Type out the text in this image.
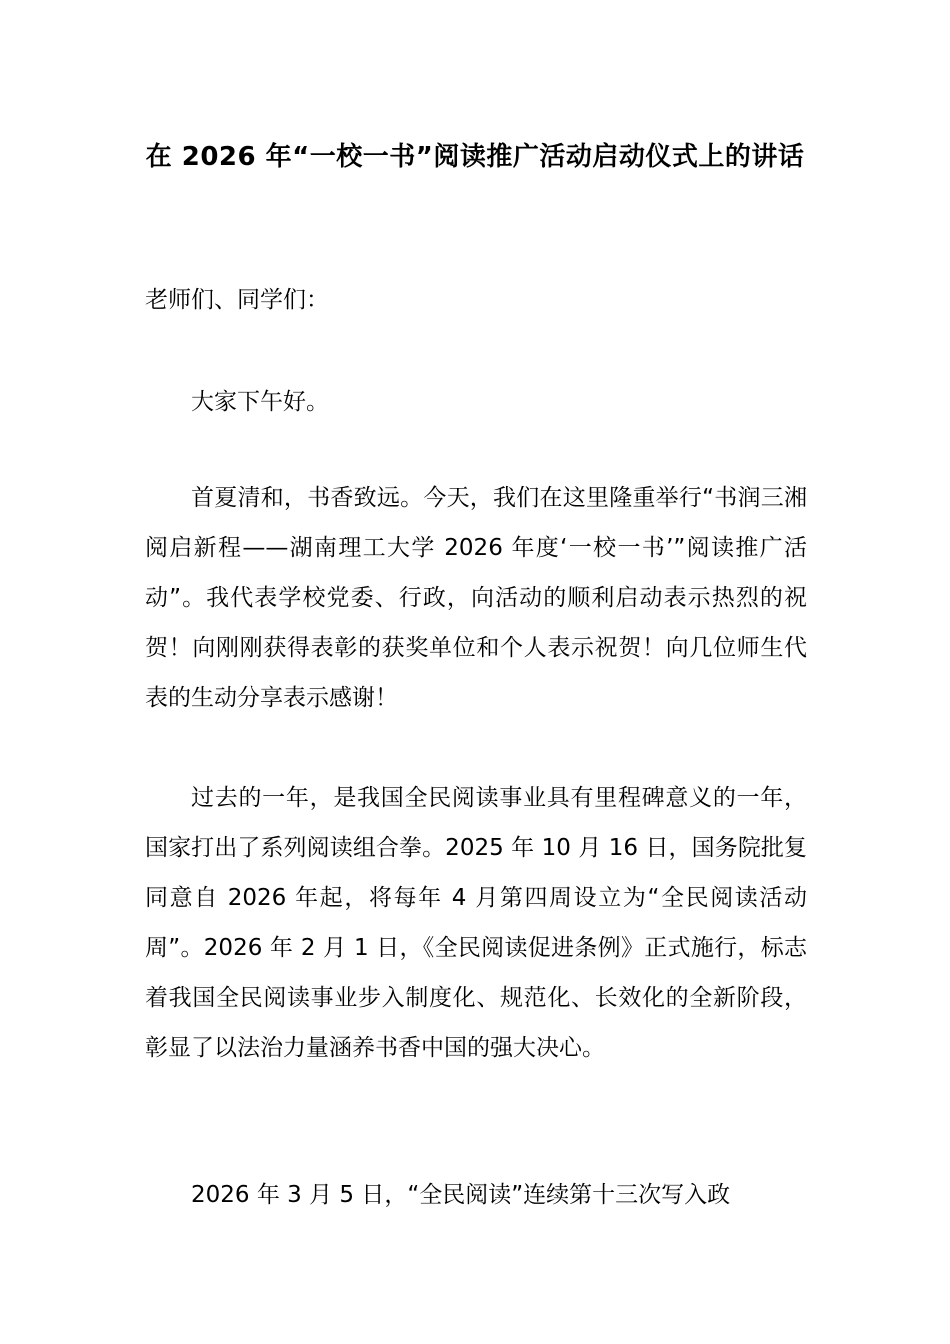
在 2026 年“一校一书”阅读推广活动启动仪式上的讲话

老师们、同学们：

大家下午好。

首夏清和，书香致远。今天，我们在这里隆重举行“书润三湘阅启新程——湖南理工大学 2026 年度‘一校一书’”阅读推广活动”。我代表学校党委、行政，向活动的顺利启动表示热烈的祝贺！向刚刚获得表彰的获奖单位和个人表示祝贺！向几位师生代表的生动分享表示感谢！

过去的一年，是我国全民阅读事业具有里程碑意义的一年，国家打出了系列阅读组合拳。2025 年 10 月 16 日，国务院批复同意自 2026 年起，将每年 4 月第四周设立为“全民阅读活动周”。2026 年 2 月 1 日，《全民阅读促进条例》正式施行，标志着我国全民阅读事业步入制度化、规范化、长效化的全新阶段，彰显了以法治力量涵养书香中国的强大决心。

2026 年 3 月 5 日，“全民阅读”连续第十三次写入政
